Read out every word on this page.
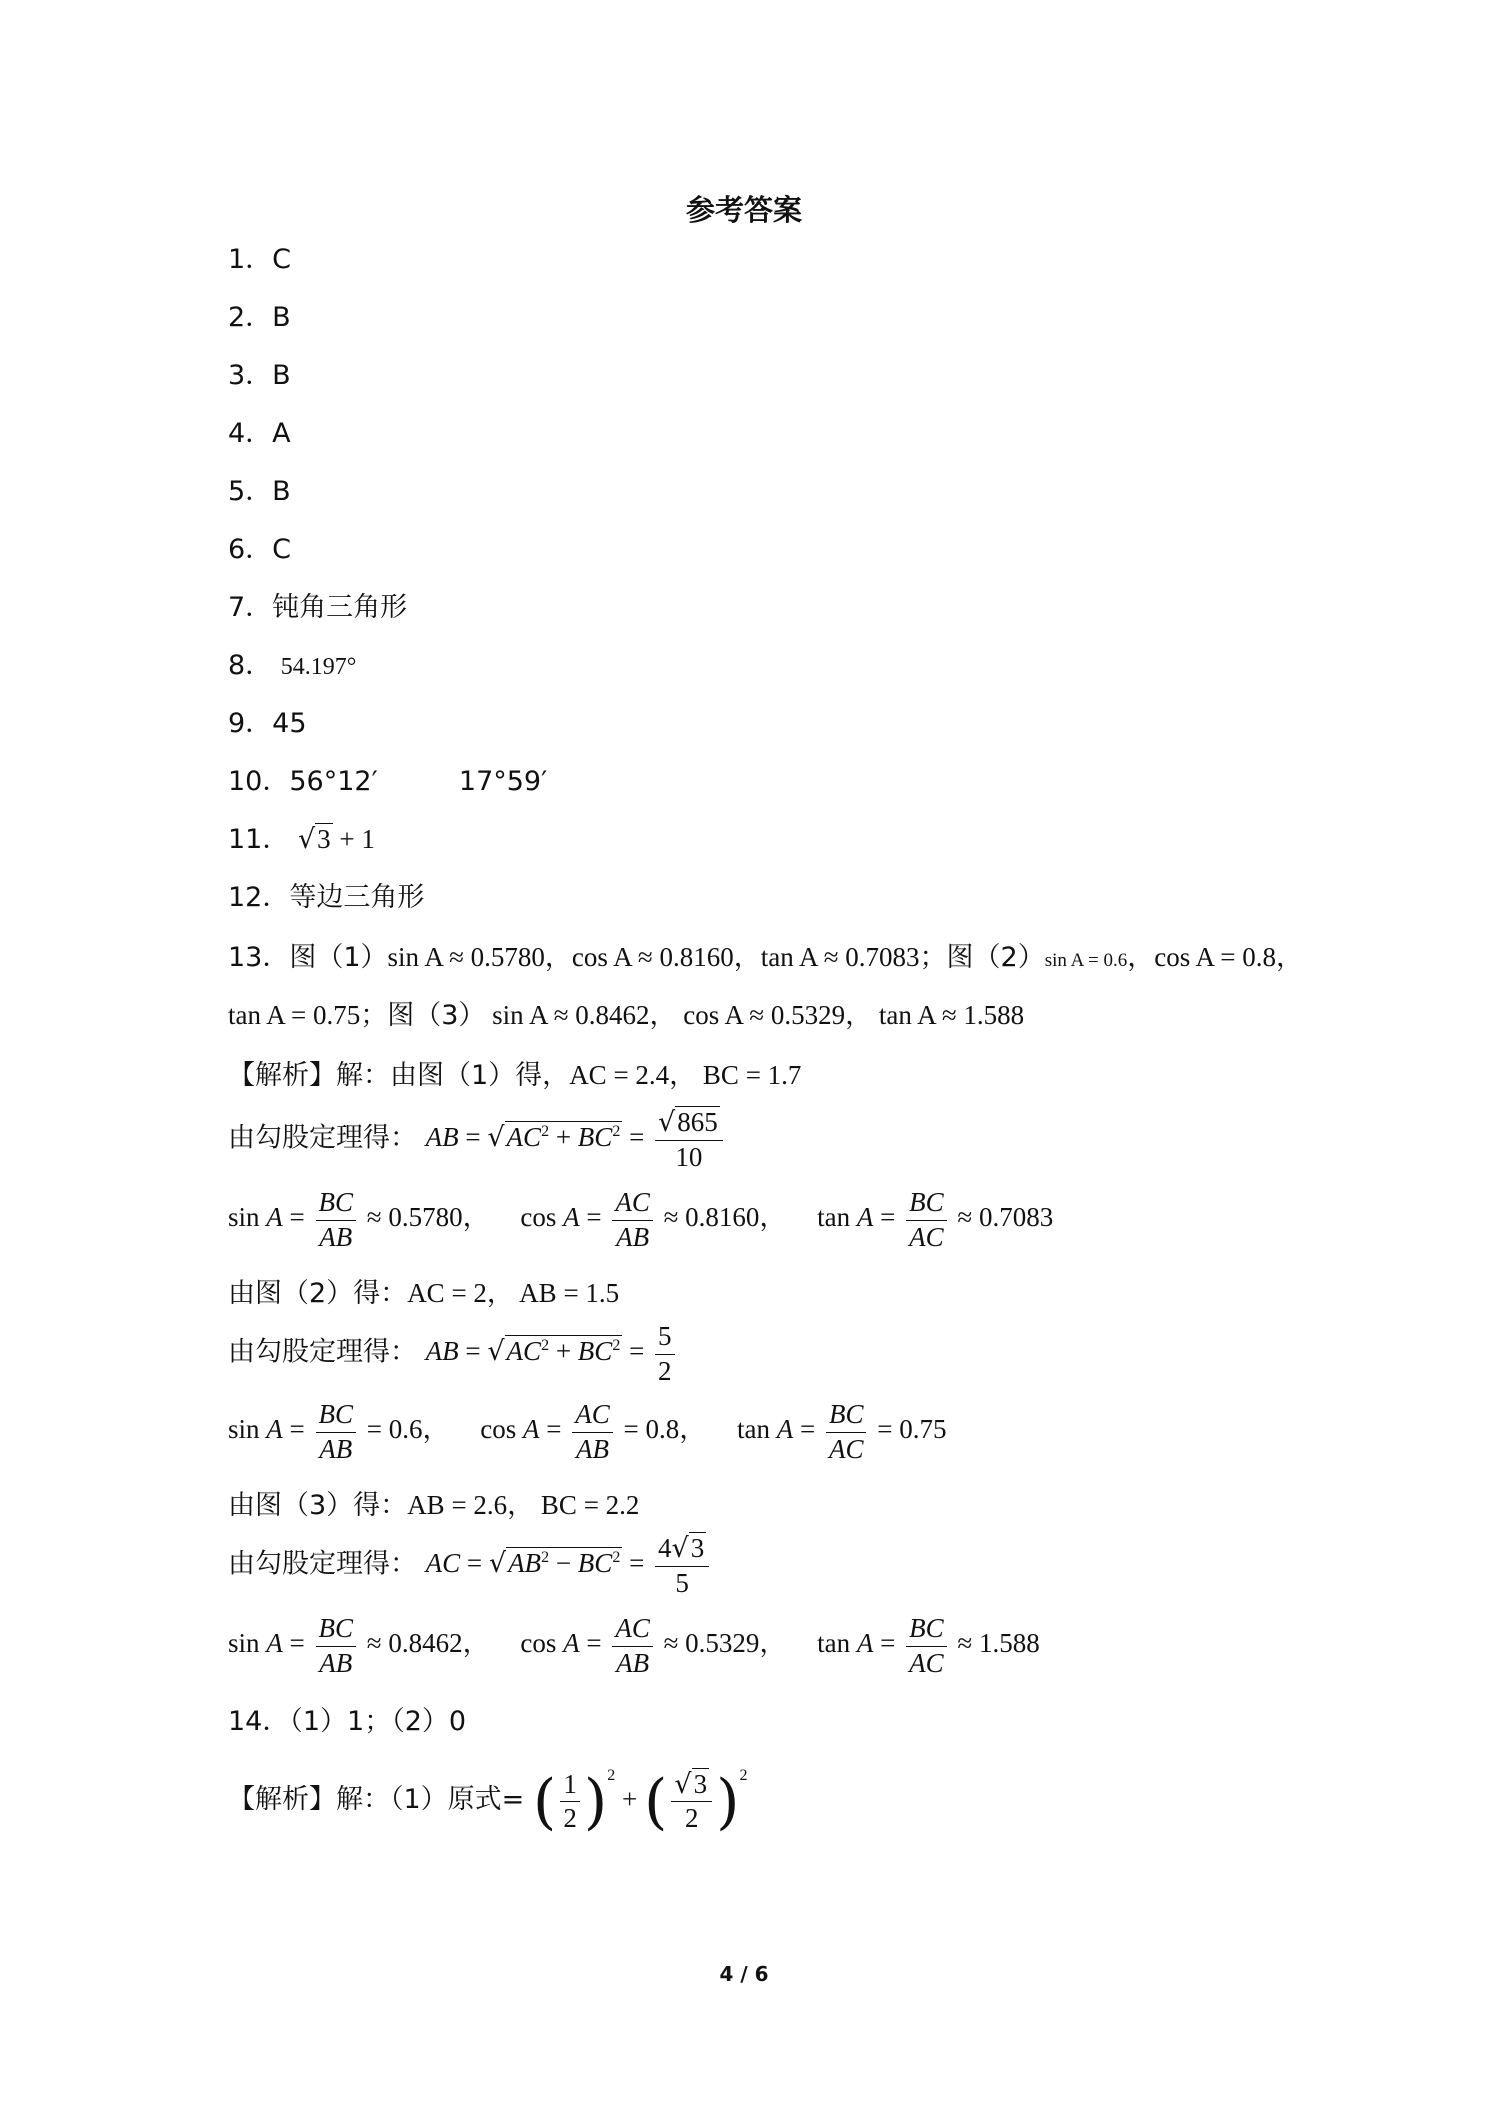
参考答案
1．C
2．B
3．B
4．A
5．B
6．C
7．钝角三角形
8． 54.197°
9．45
10．56°12′	17°59′
11． √3 + 1
12．等边三角形
13．图（1）sin A ≈ 0.5780，cos A ≈ 0.8160，tan A ≈ 0.7083；图（2）sin A = 0.6，cos A = 0.8，
tan A = 0.75；图（3） sin A ≈ 0.8462， cos A ≈ 0.5329， tan A ≈ 1.588
【解析】解：由图（1）得，AC = 2.4， BC = 1.7
由勾股定理得： AB = $√AC^2 + BC^2 = \frac{√865}{10}$
$\sin A = \frac{BC}{AB} \approx 0.5780$， $\cos A = \frac{AC}{AB} \approx 0.8160$， $\tan A = \frac{BC}{AC} \approx 0.7083$
由图（2）得：AC = 2， AB = 1.5
由勾股定理得： AB = $√AC^2 + BC^2 = \frac{5}{2}$
$\sin A = \frac{BC}{AB} = 0.6$， $\cos A = \frac{AC}{AB} = 0.8$， $\tan A = \frac{BC}{AC} = 0.75$
由图（3）得：AB = 2.6， BC = 2.2
由勾股定理得： AC = $√AB^2 - BC^2 = \frac{4√3}{5}$
$\sin A = \frac{BC}{AB} \approx 0.8462$， $\cos A = \frac{AC}{AB} \approx 0.5329$， $\tan A = \frac{BC}{AC} \approx 1.588$
14．（1）1；（2）0
【解析】解：（1）原式= ( $\frac{1}{2} )^2$ + ( $\frac{√3}{2} )^2$
4 / 6
